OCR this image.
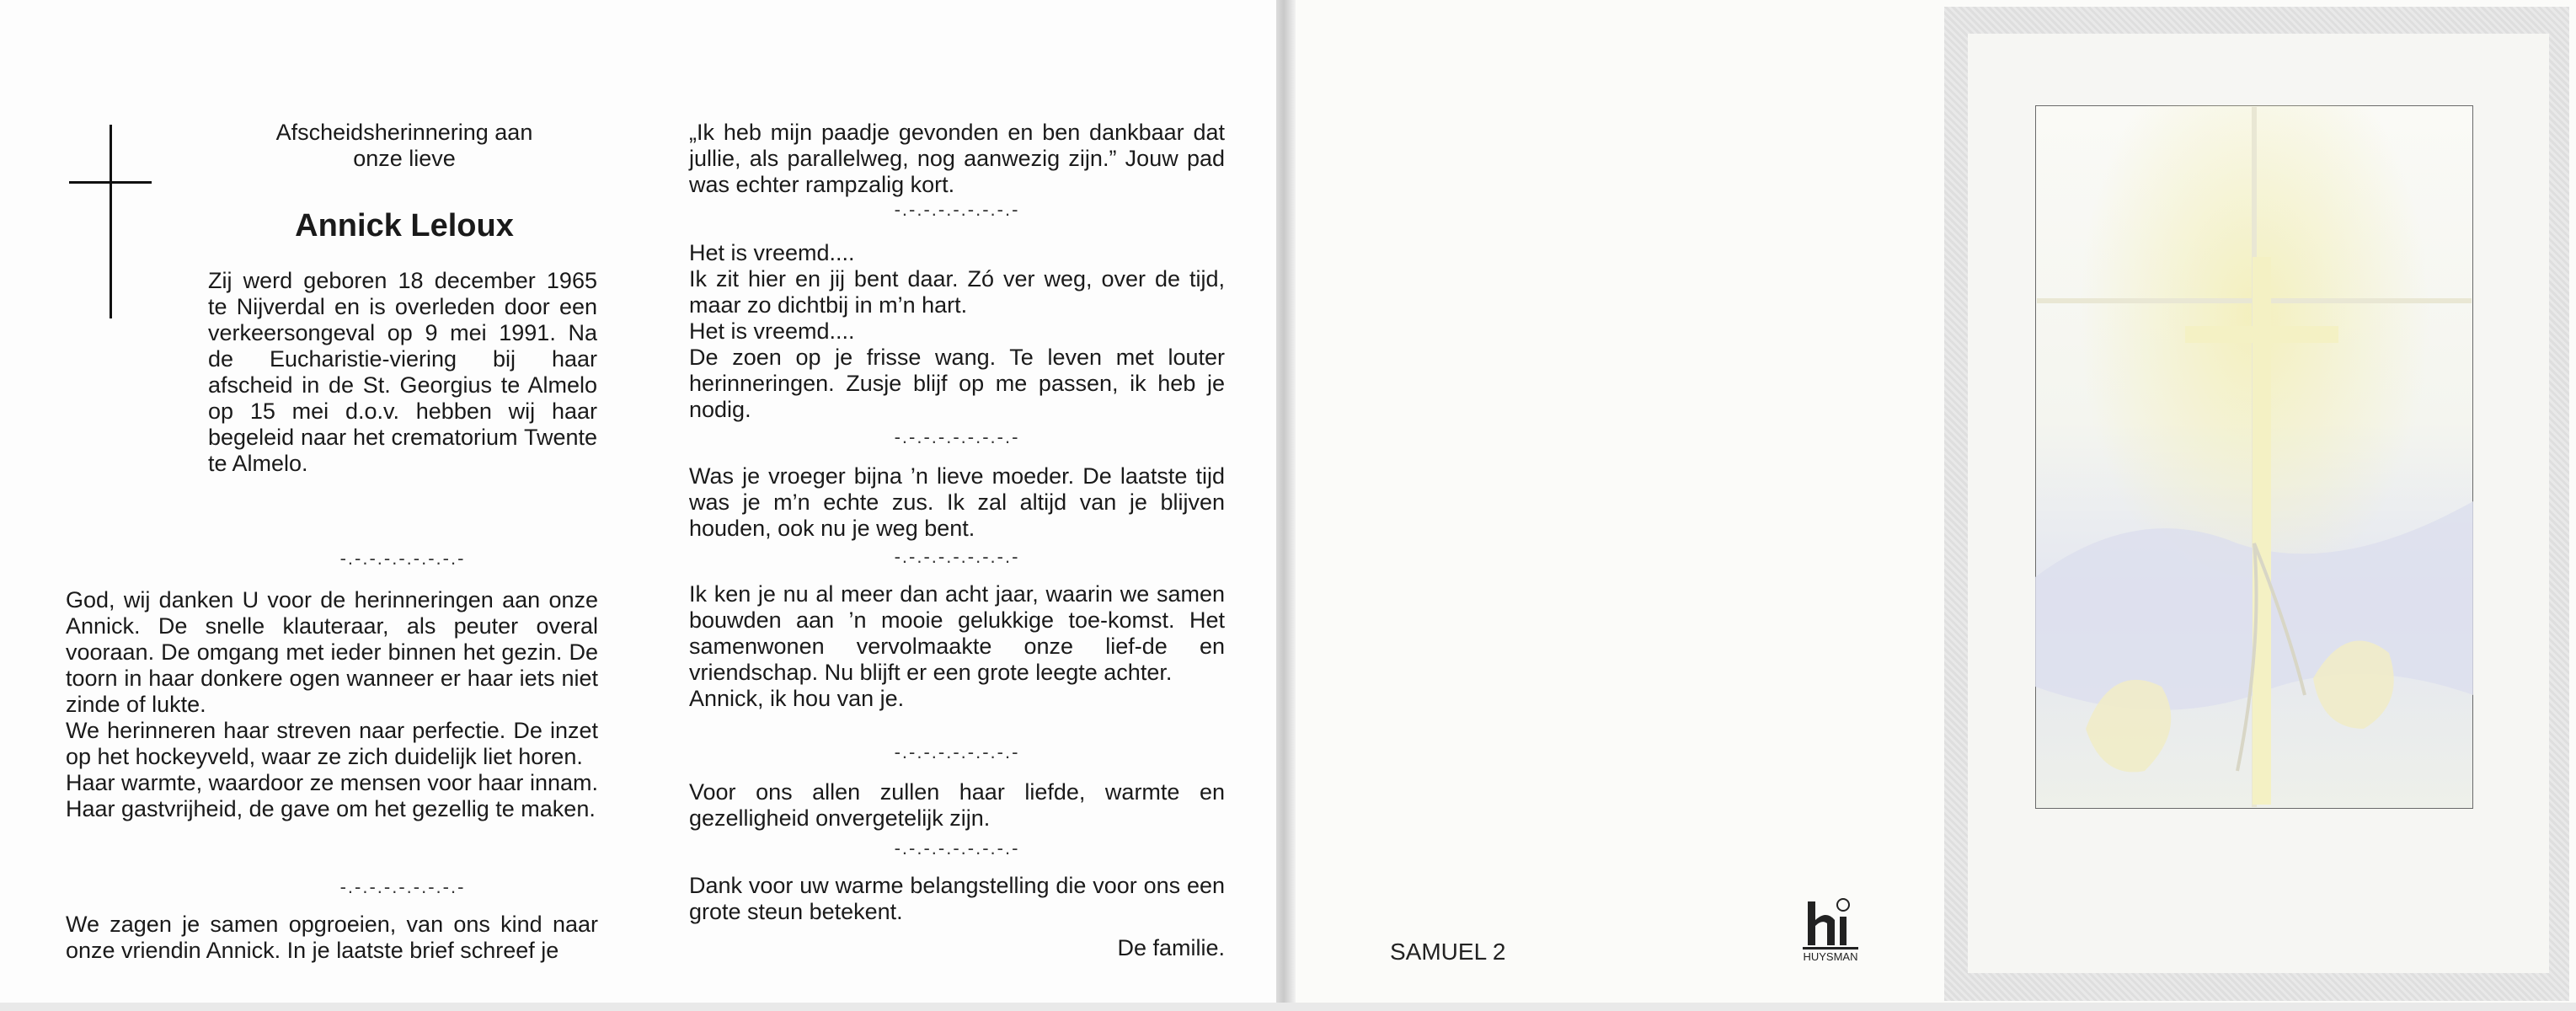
Afscheidsherinnering aan
onze lieve
Annick Leloux

Zij werd geboren 18 december 1965 te Nijverdal en is overleden door een verkeersongeval op 9 mei 1991. Na de Eucharistie-viering bij haar afscheid in de St. Georgius te Almelo op 15 mei d.o.v. hebben wij haar begeleid naar het crematorium Twente te Almelo.

-.-.-.-.-.-.-.-.-
God, wij danken U voor de herinneringen aan onze Annick. De snelle klauteraar, als peuter overal vooraan. De omgang met ieder binnen het gezin. De toorn in haar donkere ogen wanneer er haar iets niet zinde of lukte.
We herinneren haar streven naar perfectie. De inzet op het hockeyveld, waar ze zich duidelijk liet horen.
Haar warmte, waardoor ze mensen voor haar innam. Haar gastvrijheid, de gave om het gezellig te maken.
-.-.-.-.-.-.-.-.-

We zagen je samen opgroeien, van ons kind naar onze vriendin Annick. In je laatste brief schreef je

„Ik heb mijn paadje gevonden en ben dankbaar dat jullie, als parallelweg, nog aanwezig zijn.” Jouw pad was echter rampzalig kort.

-.-.-.-.-.-.-.-.-
Het is vreemd....
Ik zit hier en jij bent daar. Zó ver weg, over de tijd, maar zo dichtbij in m’n hart.
Het is vreemd....
De zoen op je frisse wang. Te leven met louter herinneringen. Zusje blijf op me passen, ik heb je nodig.
-.-.-.-.-.-.-.-.-

Was je vroeger bijna ’n lieve moeder. De laatste tijd was je m’n echte zus. Ik zal altijd van je blijven houden, ook nu je weg bent.

-.-.-.-.-.-.-.-.-
Ik ken je nu al meer dan acht jaar, waarin we samen bouwden aan ’n mooie gelukkige toe-komst. Het samenwonen vervolmaakte onze lief-de en vriendschap. Nu blijft er een grote leegte achter.
Annick, ik hou van je.
-.-.-.-.-.-.-.-.-

Voor ons allen zullen haar liefde, warmte en gezelligheid onvergetelijk zijn.

-.-.-.-.-.-.-.-.-

Dank voor uw warme belangstelling die voor ons een grote steun betekent.

De familie.	SAMUEL 2	HUYSMAN
